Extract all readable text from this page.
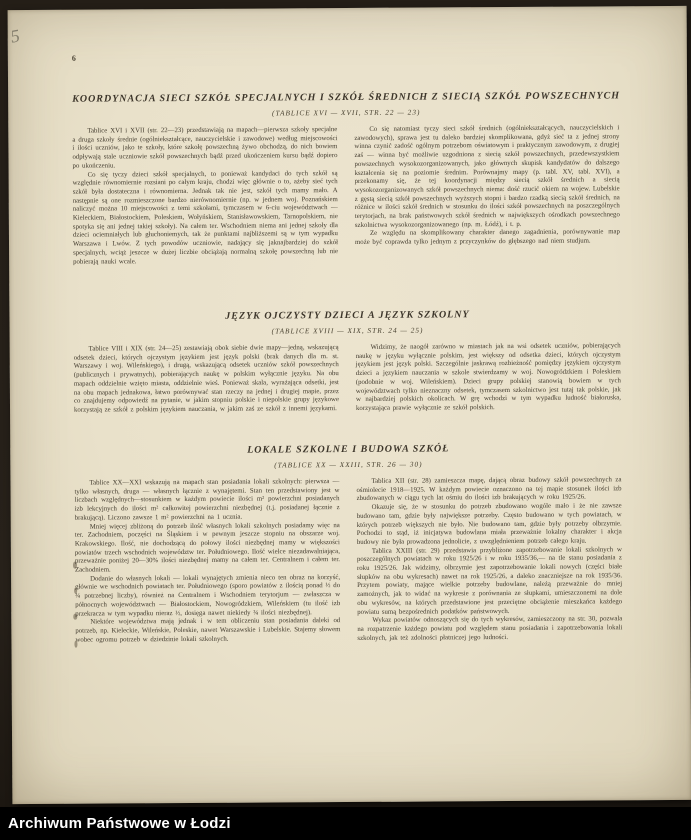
5
6
KOORDYNACJA SIECI SZKÓŁ SPECJALNYCH I SZKÓŁ ŚREDNICH Z SIECIĄ SZKÓŁ POWSZECHNYCH

(TABLICE XVI — XVII, STR. 22 — 23)

Tablice XVI i XVII (str. 22—23) przedstawiają na mapach—pierwsza szkoły specjalne a druga szkoły średnie (ogólniekształcące, nauczycielskie i zawodowe) według miejscowości i ilości uczniów, jako te szkoły, które szkołę powszechną żywo obchodzą, do nich bowiem odpływają stale uczniowie szkół powszechnych bądź przed ukończeniem kursu bądź dopiero po ukończeniu.

Co się tyczy dzieci szkół specjalnych, to ponieważ kandydaci do tych szkół są względnie równomiernie rozsiani po całym kraju, chodzi więc głównie o to, ażeby sieć tych szkół była dostateczna i równomierna. Jednak tak nie jest, szkół tych mamy mało. A następnie są one rozmieszczone bardzo nierównomiernie (np. w jednem woj. Poznańskiem naliczyć można 10 miejscowości z temi szkołami, tymczasem w 6-ciu województwach — Kieleckiem, Białostockiem, Poleskiem, Wołyńskiem, Stanisławowskiem, Tarnopolskiem, nie spotyka się ani jednej takiej szkoły). Na całem ter. Wschodniem niema ani jednej szkoły dla dzieci ociemniałych lub głuchoniemych, tak że punktami najbliższemi są w tym wypadku Warszawa i Lwów. Z tych powodów uczniowie, nadający się jaknajbardziej do szkół specjalnych, wciąż jeszcze w dużej liczbie obciążają normalną szkołę powszechną lub nie pobierają nauki wcale.

Co się natomiast tyczy sieci szkół średnich (ogólniekształcących, nauczycielskich i zawodowych), sprawa jest tu daleko bardziej skomplikowana, gdyż sieć ta z jednej strony winna czynić zadość ogólnym potrzebom oświatowym i praktycznym zawodowym, z drugiej zaś — winna być możliwie uzgodniona z siecią szkół powszechnych, przedewszystkiem powszechnych wysokozorganizowanych, jako głównych skupisk kandydatów do dalszego kształcenia się na poziomie średnim. Porównajmy mapy (p. tabl. XV, tabl. XVI), a przekonamy się, że tej koordynacji między siecią szkół średnich a siecią wysokozorganizowanych szkół powszechnych niema: dość rzucić okiem na wojew. Lubelskie z gęstą siecią szkół powszechnych wyższych stopni i bardzo rzadką siecią szkół średnich, na różnice w ilości szkół średnich w stosunku do ilości szkół powszechnych na poszczególnych terytorjach, na brak państwowych szkół średnich w największych ośrodkach powszechnego szkolnictwa wysokozorganizowanego (np. m. Łódź), i t. p.

Ze względu na skomplikowany charakter danego zagadnienia, porównywanie map może być coprawda tylko jednym z przyczynków do głębszego nad niem studjum.

JĘZYK OJCZYSTY DZIECI A JĘZYK SZKOLNY

(TABLICE XVIII — XIX, STR. 24 — 25)

Tablice VIII i XIX (str. 24—25) zestawiają obok siebie dwie mapy—jedną, wskazującą odsetek dzieci, których ojczystym językiem jest język polski (brak danych dla m. st. Warszawy i woj. Wileńskiego), i drugą, wskazującą odsetek uczniów szkół powszechnych (publicznych i prywatnych), pobierających naukę w polskim wyłącznie języku. Na obu mapach oddzielnie wzięto miasta, oddzielnie wieś. Ponieważ skala, wyrażająca odsetki, jest na obu mapach jednakowa, łatwo porównywać stan rzeczy na jednej i drugiej mapie, przez co znajdujemy odpowiedź na pytanie, w jakim stopniu polskie i niepolskie grupy językowe korzystają ze szkół z polskim językiem nauczania, w jakim zaś ze szkół z innemi językami.

Widzimy, że naogół zarówno w miastach jak na wsi odsetek uczniów, pobierających naukę w języku wyłącznie polskim, jest większy od odsetka dzieci, których ojczystym językiem jest język polski. Szczególnie jaskrawą rozbieżność pomiędzy językiem ojczystym dzieci a językiem nauczania w szkole stwierdzamy w woj. Nowogródzkiem i Poleskiem (podobnie w woj. Wileńskiem). Dzieci grupy polskiej stanowią bowiem w tych województwach tylko nieznaczny odsetek, tymczasem szkolnictwo jest tutaj tak polskie, jak w najbardziej polskich okolicach. W grę wchodzi w tym wypadku ludność białoruska, korzystająca prawie wyłącznie ze szkół polskich.

LOKALE SZKOLNE I BUDOWA SZKÓŁ

(TABLICE XX — XXIII, STR. 26 — 30)

Tablice XX—XXI wskazują na mapach stan posiadania lokali szkolnych: pierwsza — tylko własnych, druga — własnych łącznie z wynajętemi. Stan ten przedstawiony jest w liczbach względnych—stosunkiem w każdym powiecie ilości m² powierzchni posiadanych izb lekcyjnych do ilości m² całkowitej powierzchni niezbędnej (t.j. posiadanej łącznie z brakującą). Liczono zawsze 1 m² powierzchni na 1 ucznia.

Mniej więcej zbliżoną do potrzeb ilość własnych lokali szkolnych posiadamy więc na ter. Zachodniem, poczęści na Śląskiem i w pewnym jeszcze stopniu na obszarze woj. Krakowskiego. Ilość, nie dochodzącą do połowy ilości niezbędnej mamy w większości powiatów trzech wschodnich województw ter. Południowego. Ilość wielce niezadawalniająca, przeważnie poniżej 20—30% ilości niezbędnej mamy na całem ter. Centralnem i całem ter. Zachodniem.

Dodanie do własnych lokali — lokali wynajętych zmienia nieco ten obraz na korzyść, głównie we wschodnich powiatach ter. Południowego (sporo powiatów z ilością ponad ½ do ¾ potrzebnej liczby), również na Centralnem i Wschodniem terytorjum — zwłaszcza w północnych województwach — Białostockiem, Nowogródzkiem, Wileńskiem (tu ilość izb przekracza w tym wypadku nieraz ½, dosięga nawet niekiedy ¾ ilości niezbędnej).

Niektóre województwa mają jednak i w tem obliczeniu stan posiadania daleki od potrzeb, np. Kieleckie, Wileńskie, Poleskie, nawet Warszawskie i Lubelskie. Stajemy słowem wobec ogromu potrzeb w dziedzinie lokali szkolnych.

Tablica XII (str. 28) zamieszcza mapę, dającą obraz budowy szkół powszechnych za ośmiolecie 1918—1925. W każdym powiecie oznaczono na tej mapie stosunek ilości izb zbudowanych w ciągu tych lat ośmiu do ilości izb brakujących w roku 1925/26.

Okazuje się, że w stosunku do potrzeb zbudowano wogóle mało i że nie zawsze budowano tam, gdzie były największe potrzeby. Często budowano w tych powiatach, w których potrzeb większych nie było. Nie budowano tam, gdzie były potrzeby olbrzymie. Pochodzi to stąd, iż inicjatywa budowlana miała przeważnie lokalny charakter i akcja budowy nie była prowadzona jednolicie, z uwzględnieniem potrzeb całego kraju.

Tablica XXIII (str. 29) przedstawia przybliżone zapotrzebowanie lokali szkolnych w poszczególnych powiatach w roku 1925/26 i w roku 1935/36,— na tle stanu posiadania z roku 1925/26. Jak widzimy, olbrzymie jest zapotrzebowanie lokali nowych (części białe słupków na obu wykresach) nawet na rok 1925/26, a daleko znaczniejsze na rok 1935/36. Przytem powiaty, mające wielkie potrzeby budowlane, należą przeważnie do mniej zamożnych, jak to widać na wykresie z porównania ze słupkami, umieszczonemi na dole obu wykresów, na których przedstawione jest przeciętne obciążenie mieszkańca każdego powiatu sumą bezpośrednich podatków państwowych.

Wykaz powiatów odnoszących się do tych wykresów, zamieszczony na str. 30, pozwala na rozpatrzenie każdego powiatu pod względem stanu posiadania i zapotrzebowania lokali szkolnych, jak też zdolności płatniczej jego ludności.

Archiwum Państwowe w Łodzi
